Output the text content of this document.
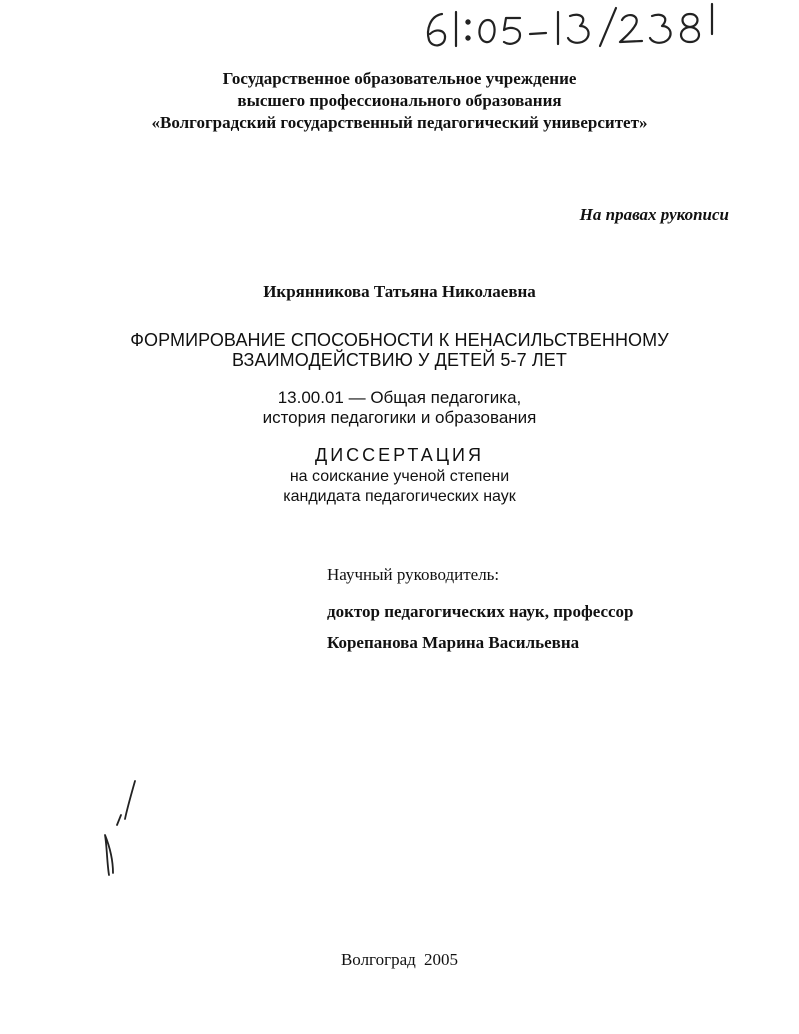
Государственное образовательное учреждение
высшего профессионального образования
«Волгоградский государственный педагогический университет»
На правах рукописи
Икрянникова Татьяна Николаевна
ФОРМИРОВАНИЕ СПОСОБНОСТИ К НЕНАСИЛЬСТВЕННОМУ
ВЗАИМОДЕЙСТВИЮ У ДЕТЕЙ 5-7 ЛЕТ
13.00.01 — Общая педагогика,
история педагогики и образования
ДИССЕРТАЦИЯ
на соискание ученой степени
кандидата педагогических наук
Научный руководитель:
доктор педагогических наук, профессор
Корепанова Марина Васильевна
Волгоград 2005
